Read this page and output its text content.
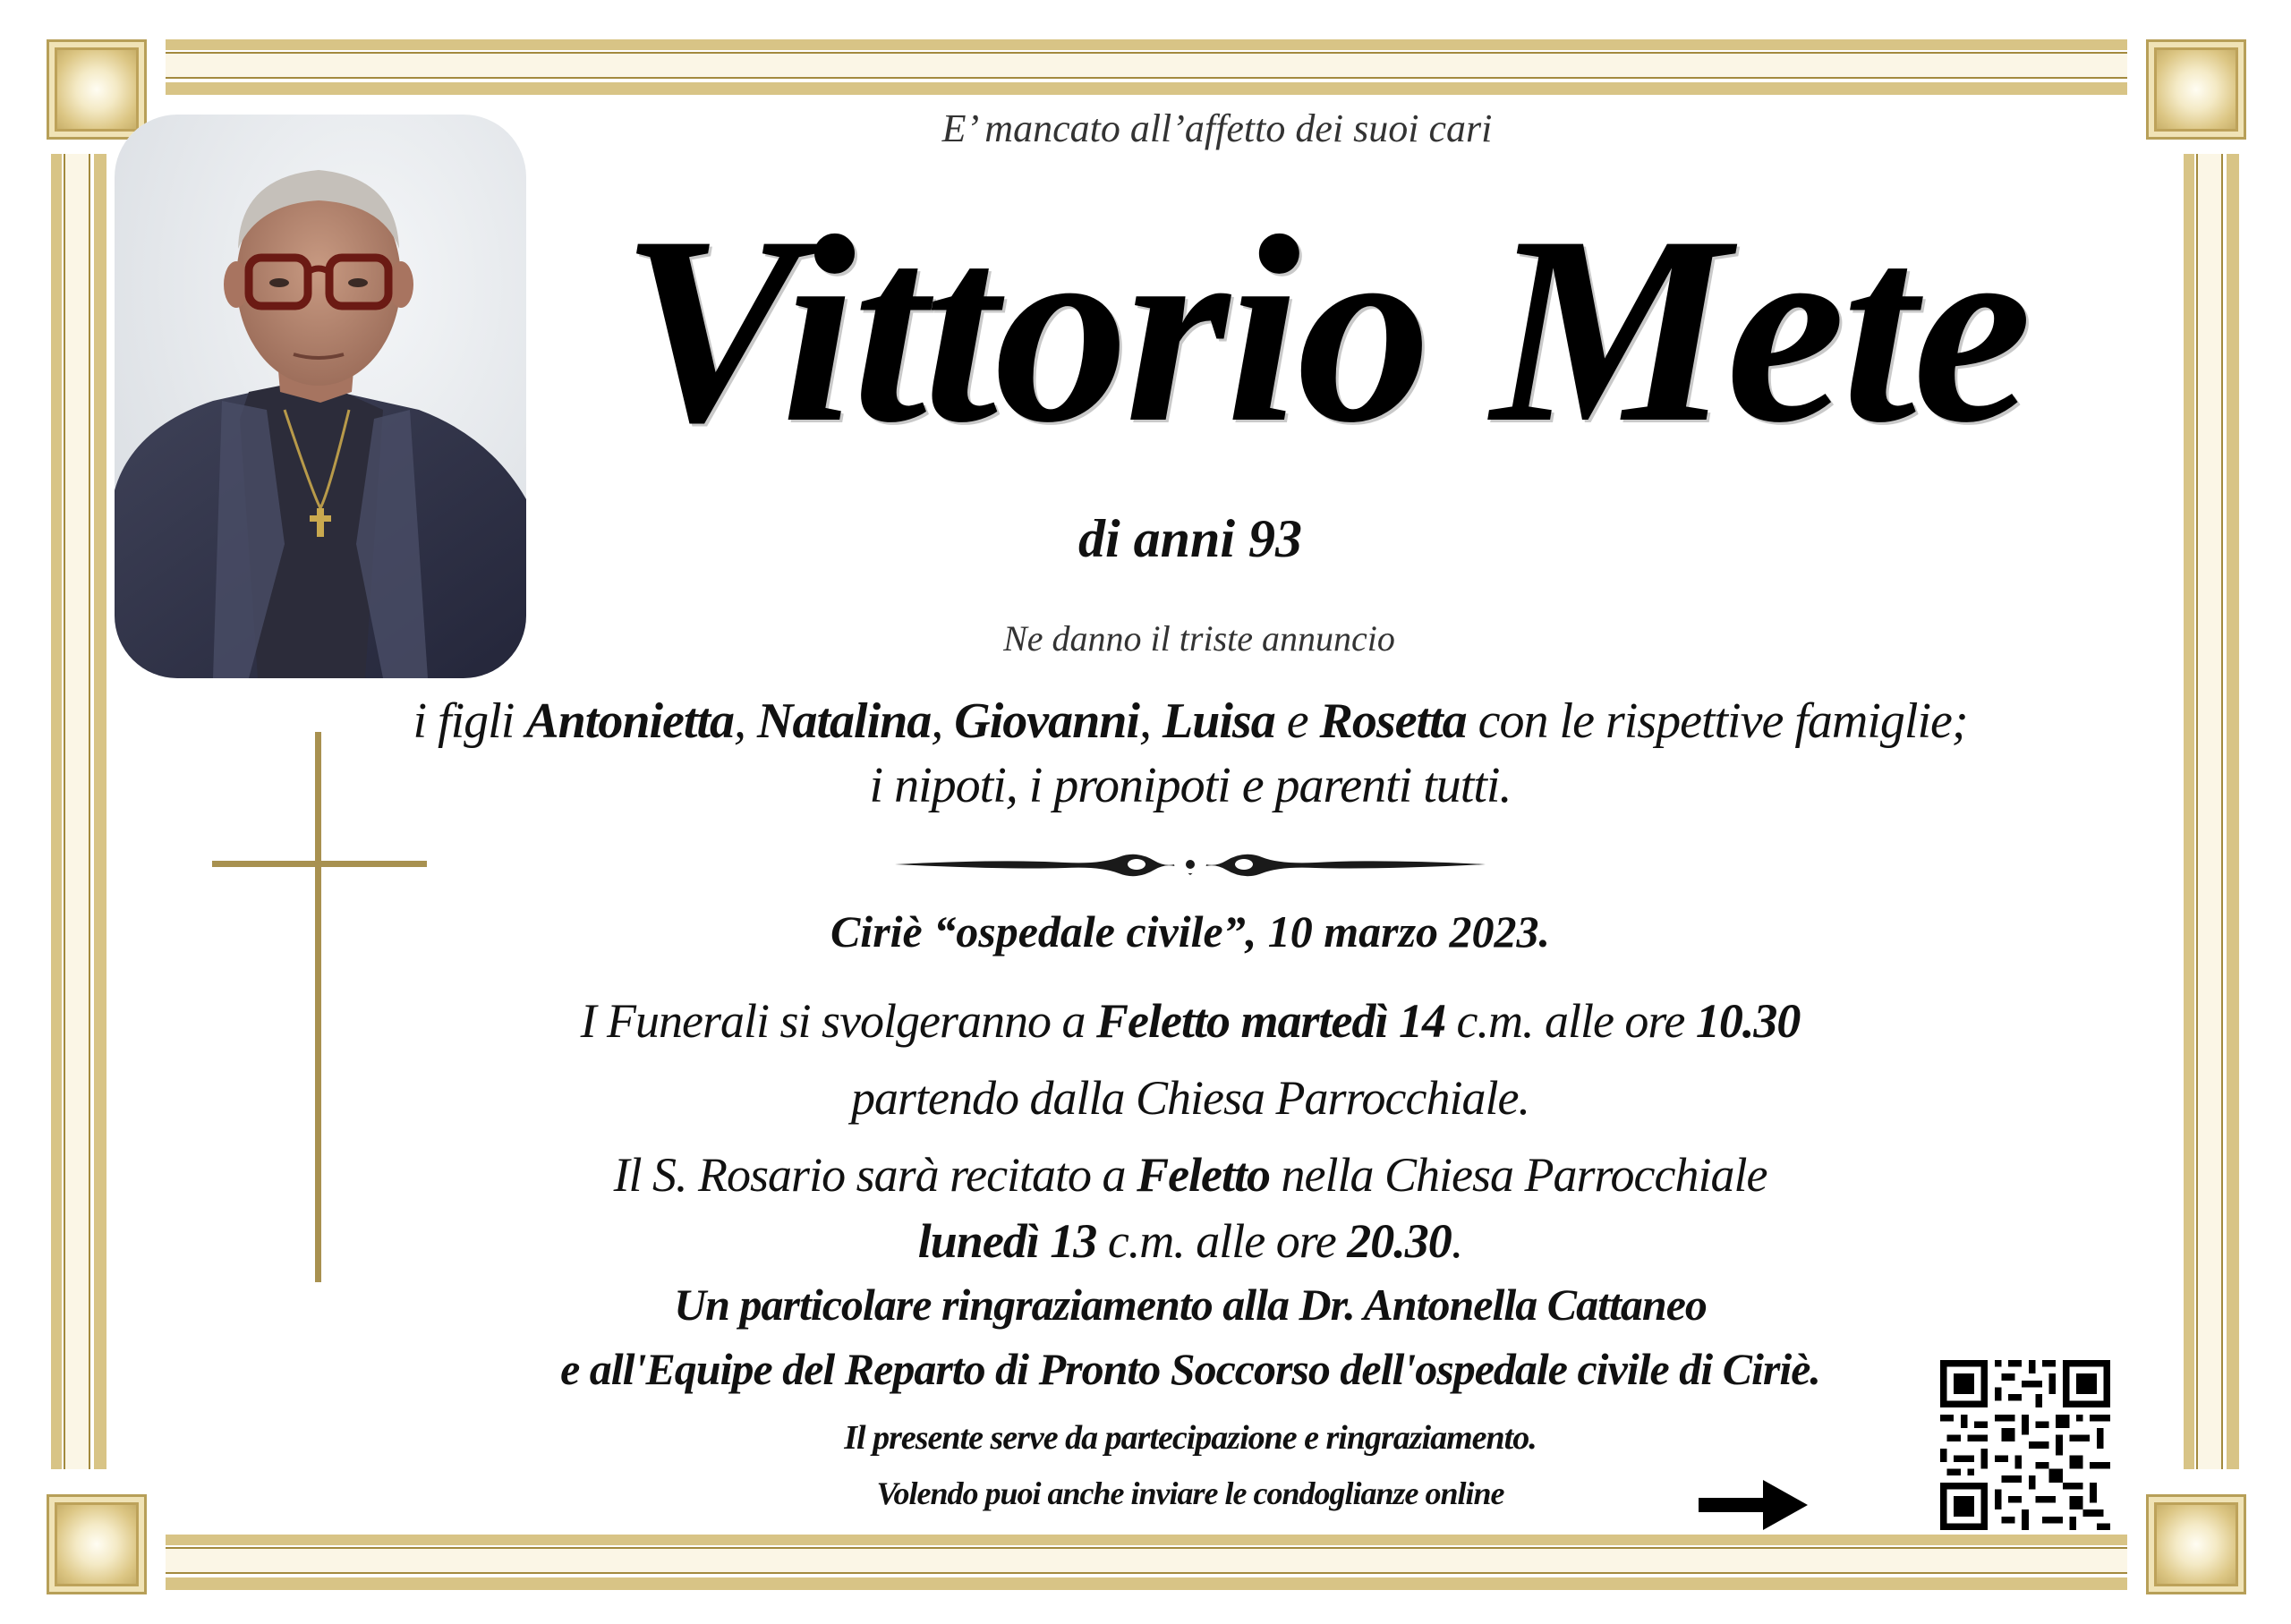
E’ mancato all’affetto dei suoi cari
Vittorio Mete
di anni 93
Ne danno il triste annuncio
i figli Antonietta, Natalina, Giovanni, Luisa e Rosetta con le rispettive famiglie;
i nipoti, i pronipoti e parenti tutti.
Ciriè “ospedale civile”, 10 marzo 2023.
I Funerali si svolgeranno a Feletto martedì 14 c.m. alle ore 10.30
partendo dalla Chiesa Parrocchiale.
Il S. Rosario sarà recitato a Feletto nella Chiesa Parrocchiale
lunedì 13 c.m. alle ore 20.30.
Un particolare ringraziamento alla Dr. Antonella Cattaneo
e all'Equipe del Reparto di Pronto Soccorso dell'ospedale civile di Ciriè.
Il presente serve da partecipazione e ringraziamento.
Volendo puoi anche inviare le condoglianze online
